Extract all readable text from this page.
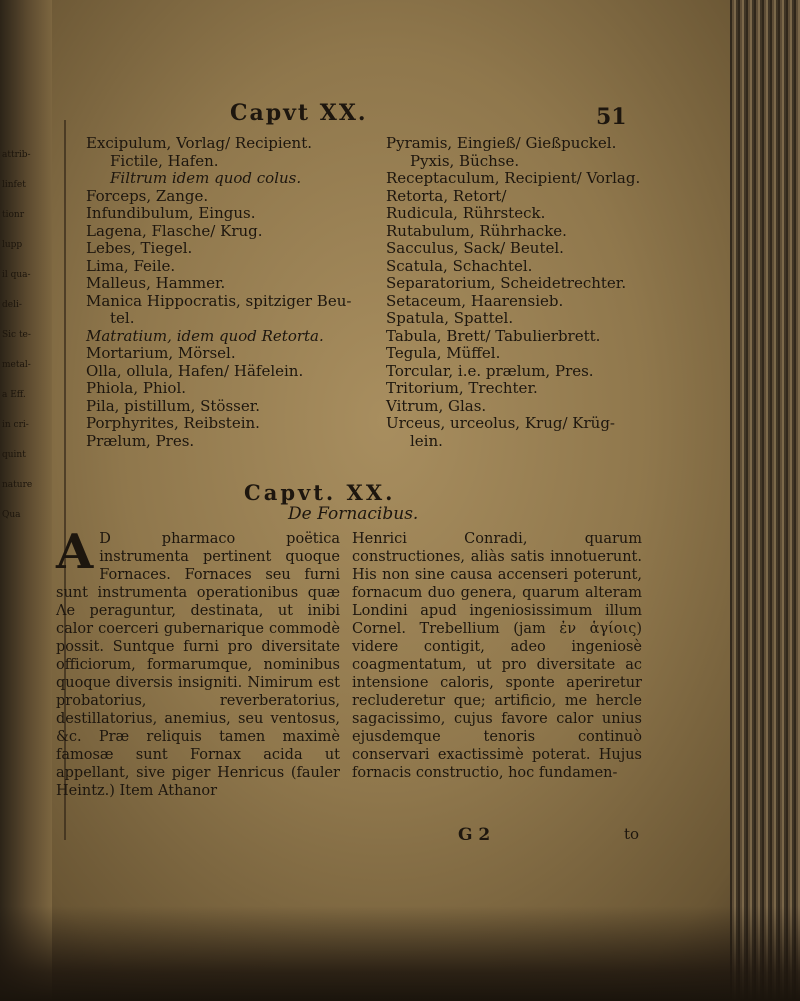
attrib-
linfet
tionr
lupp
il qua-
deli-
Sic te-
metal-
a Eff.
in cri-
quint
nature
Qua
Capvt XX.	51
Excipulum, Vorlag/ Recipient.
Fictile, Hafen.
Filtrum idem quod colus.
Forceps, Zange.
Infundibulum, Eingus.
Lagena, Flasche/ Krug.
Lebes, Tiegel.
Lima, Feile.
Malleus, Hammer.
Manica Hippocratis, spitziger Beu-
tel.
Matratium, idem quod Retorta.
Mortarium, Mörsel.
Olla, ollula, Hafen/ Häfelein.
Phiola, Phiol.
Pila, pistillum, Stösser.
Porphyrites, Reibstein.
Prælum, Pres.
Pyramis, Eingieß/ Gießpuckel.
Pyxis, Büchse.
Receptaculum, Recipient/ Vorlag.
Retorta, Retort/
Rudicula, Rührsteck.
Rutabulum, Rührhacke.
Sacculus, Sack/ Beutel.
Scatula, Schachtel.
Separatorium, Scheidetrechter.
Setaceum, Haarensieb.
Spatula, Spattel.
Tabula, Brett/ Tabulierbrett.
Tegula, Müffel.
Torcular, i.e. prælum, Pres.
Tritorium, Trechter.
Vitrum, Glas.
Urceus, urceolus, Krug/ Krüg-
lein.
Capvt. XX.
De Fornacibus.
A D pharmaco poëtica instrumenta pertinent quoque Fornaces. Fornaces seu furni sunt instrumenta operationibus quæ Λe peraguntur, destinata, ut inibi calor coerceri gubernarique commodè possit. Suntque furni pro diversitate officiorum, formarumque, nominibus quoque diversis insigniti. Nimirum est probatorius, reverberatorius, destillatorius, anemius, seu ventosus, &c. Præ reliquis tamen maximè famosæ sunt Fornax acida ut appellant, sive piger Henricus (fauler Heintz.) Item Athanor
Henrici Conradi, quarum constructiones, aliàs satis innotuerunt. His non sine causa accenseri poterunt, fornacum duo genera, quarum alteram Londini apud ingeniosissimum illum Cornel. Trebellium (jam ἐν ἁγίοις) videre contigit, adeo ingeniosè coagmentatum, ut pro diversitate ac intensione caloris, sponte aperiretur recluderetur que; artificio, me hercle sagacissimo, cujus favore calor unius ejusdemque tenoris continuò conservari exactissimè poterat. Hujus fornacis constructio, hoc fundamen-
G 2	to
